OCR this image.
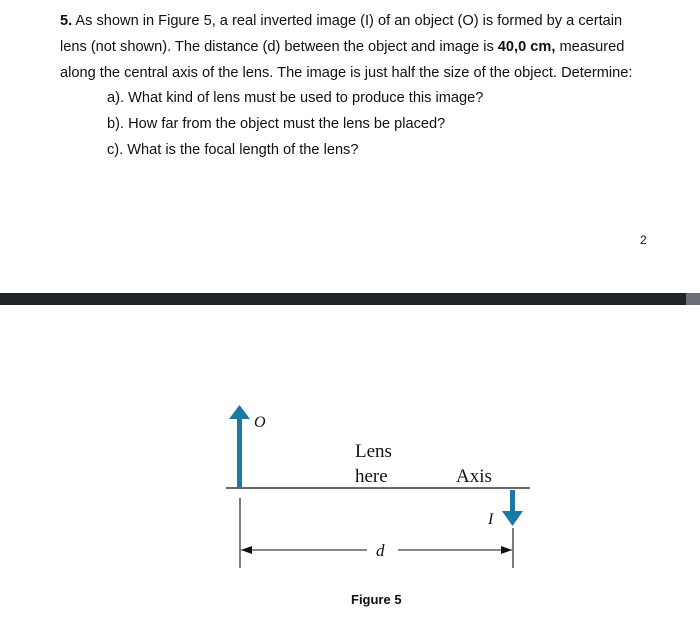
5. As shown in Figure 5, a real inverted image (I) of an object (O) is formed by a certain
lens (not shown). The distance (d) between the object and image is 40,0 cm, measured
along the central axis of the lens. The image is just half the size of the object. Determine:
a). What kind of lens must be used to produce this image?
b). How far from the object must the lens be placed?
c). What is the focal length of the lens?
2
O
Lens
here	Axis
I
d
Figure 5
